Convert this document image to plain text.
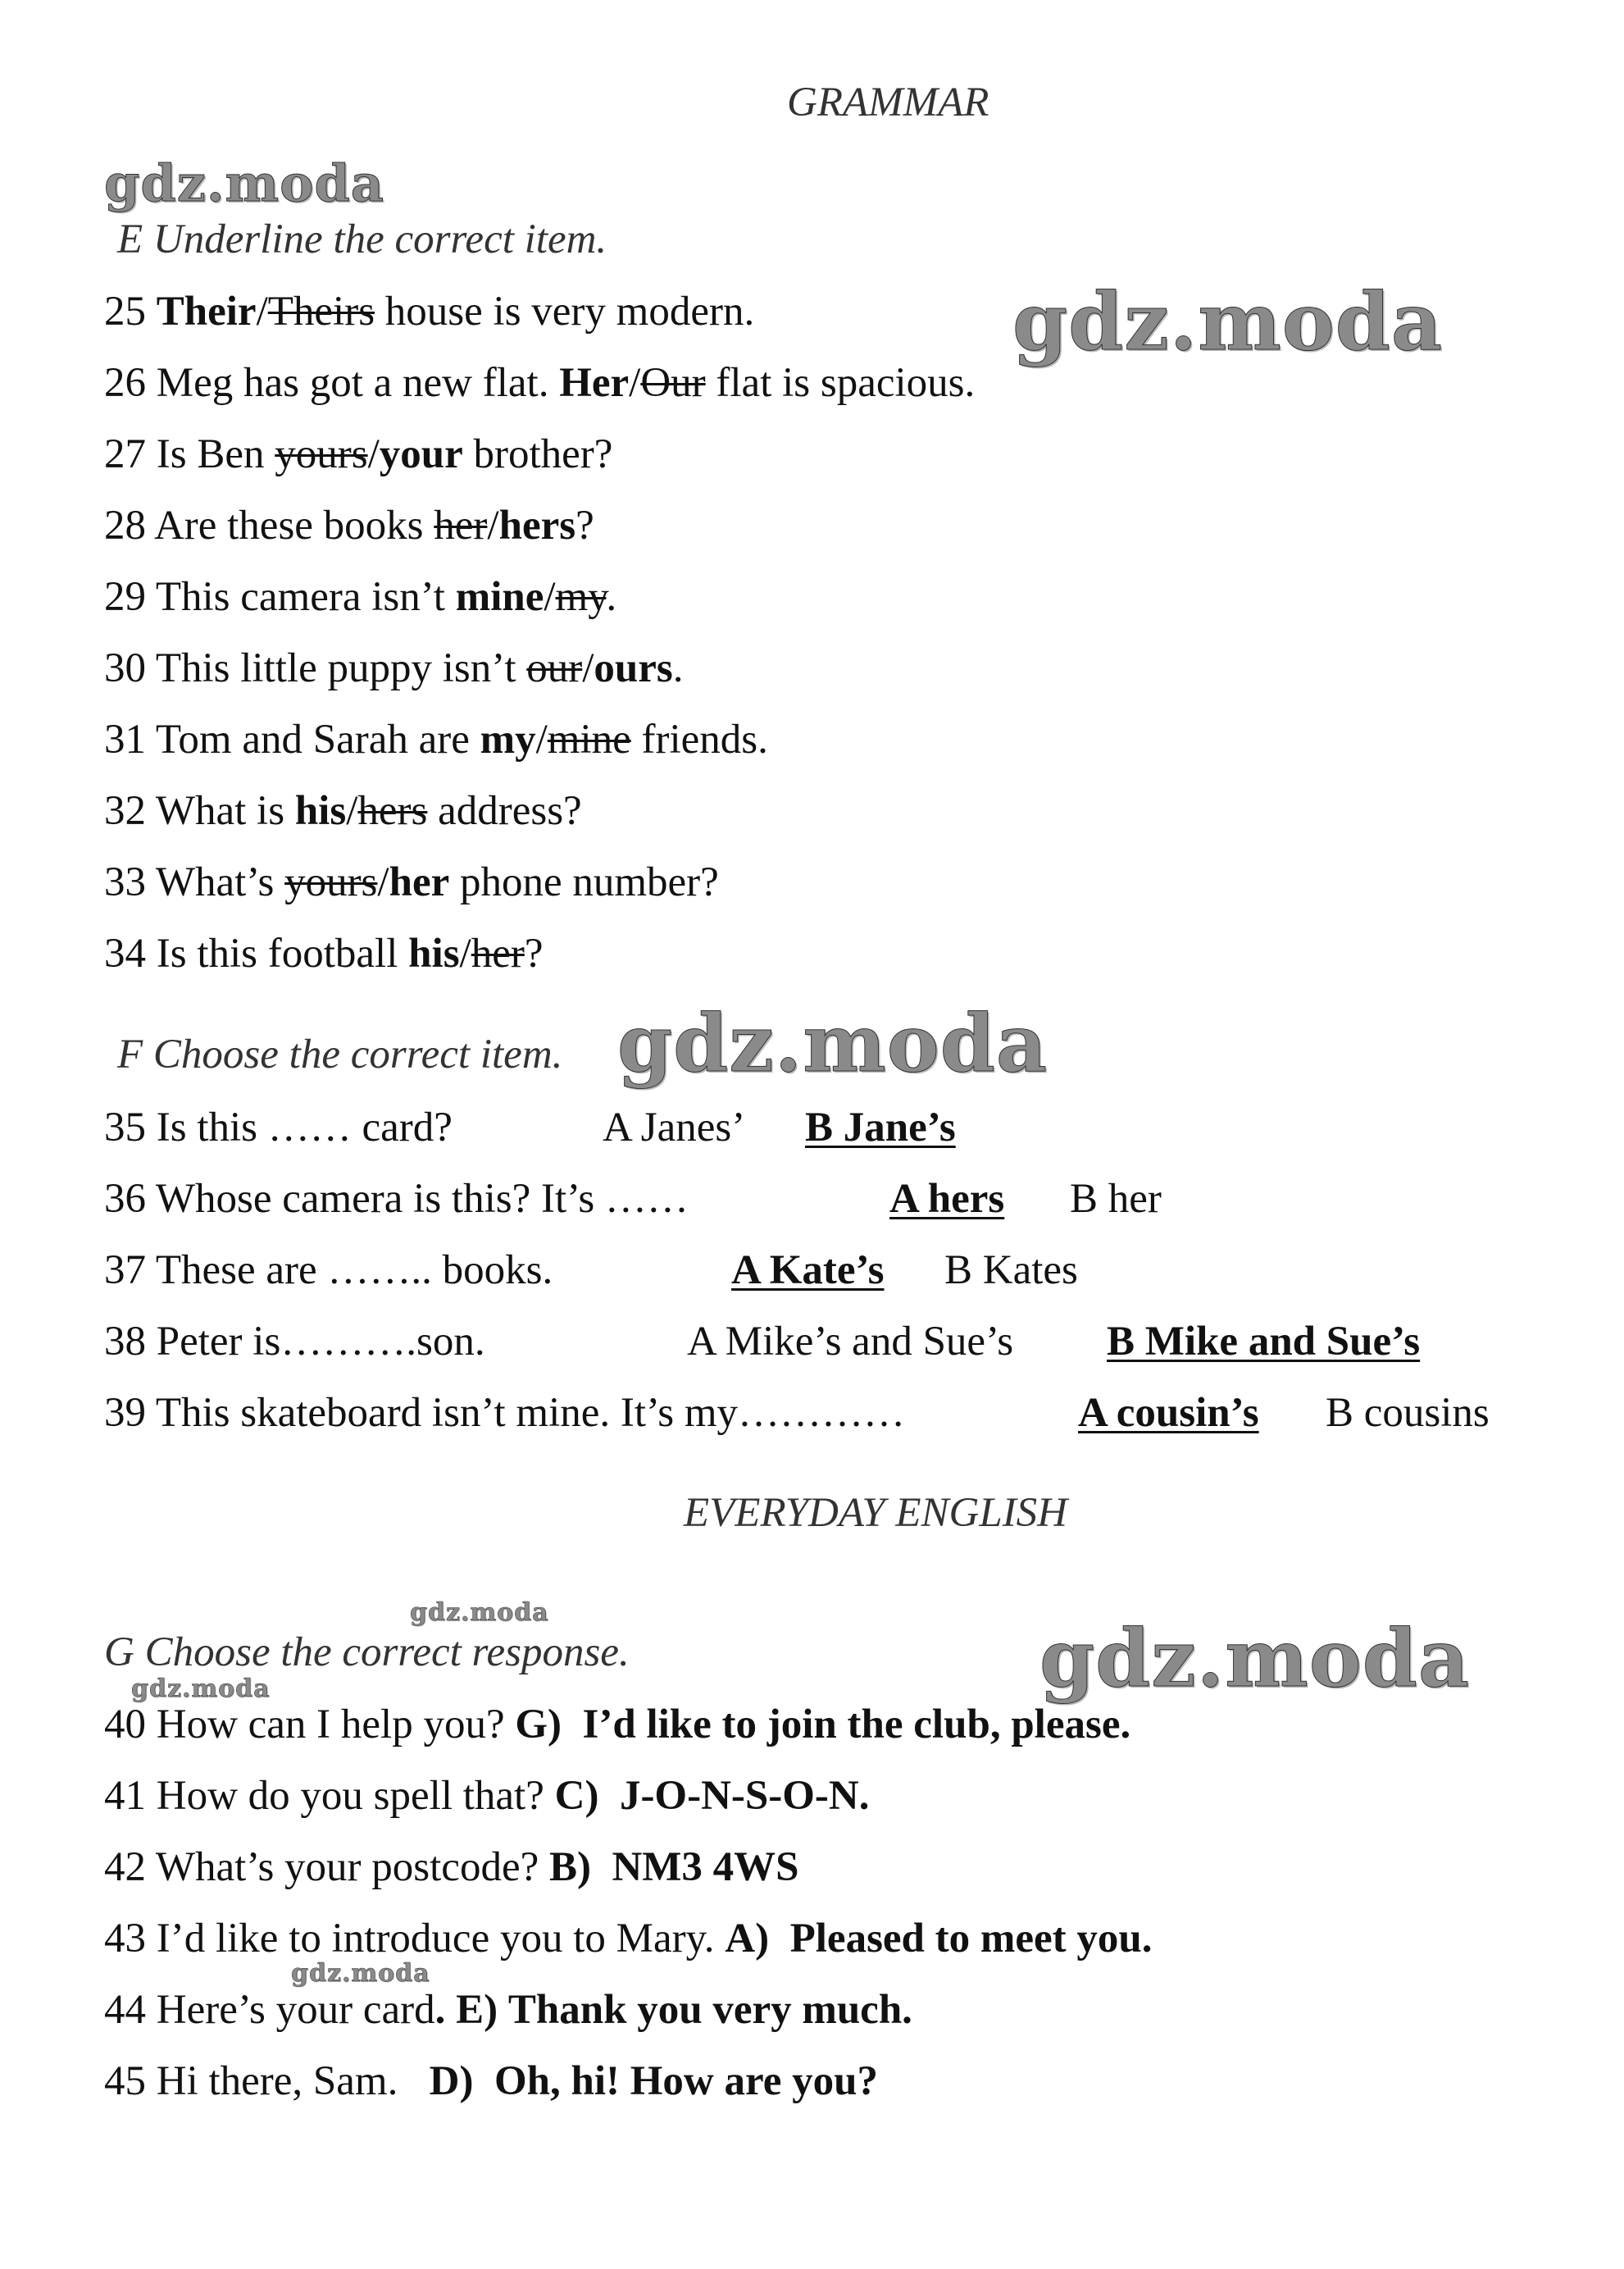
gdz.moda
gdz.moda
gdz.moda
gdz.moda	gdz.moda
gdz.moda
gdz.moda
GRAMMAR
E Underline the correct item.
25 Their/Theirs house is very modern.
26 Meg has got a new flat. Her/Our flat is spacious.
27 Is Ben yours/your brother?
28 Are these books her/hers?
29 This camera isn’t mine/my.
30 This little puppy isn’t our/ours.
31 Tom and Sarah are my/mine friends.
32 What is his/hers address?
33 What’s yours/her phone number?
34 Is this football his/her?
F Choose the correct item.
35 Is this …… card?	A Janes’ B Jane’s
36 Whose camera is this? It’s ……	A hers B her
37 These are …….. books.	A Kate’s B Kates
38 Peter is……….son.	A Mike’s and Sue’s B Mike and Sue’s
39 This skateboard isn’t mine. It’s my…………	A cousin’s B cousins
EVERYDAY ENGLISH
G Choose the correct response.
40 How can I help you? G) I’d like to join the club, please.
41 How do you spell that? C) J-O-N-S-O-N.
42 What’s your postcode? B) NM3 4WS
43 I’d like to introduce you to Mary. A) Pleased to meet you.
44 Here’s your card. E) Thank you very much.
45 Hi there, Sam. D) Oh, hi! How are you?
